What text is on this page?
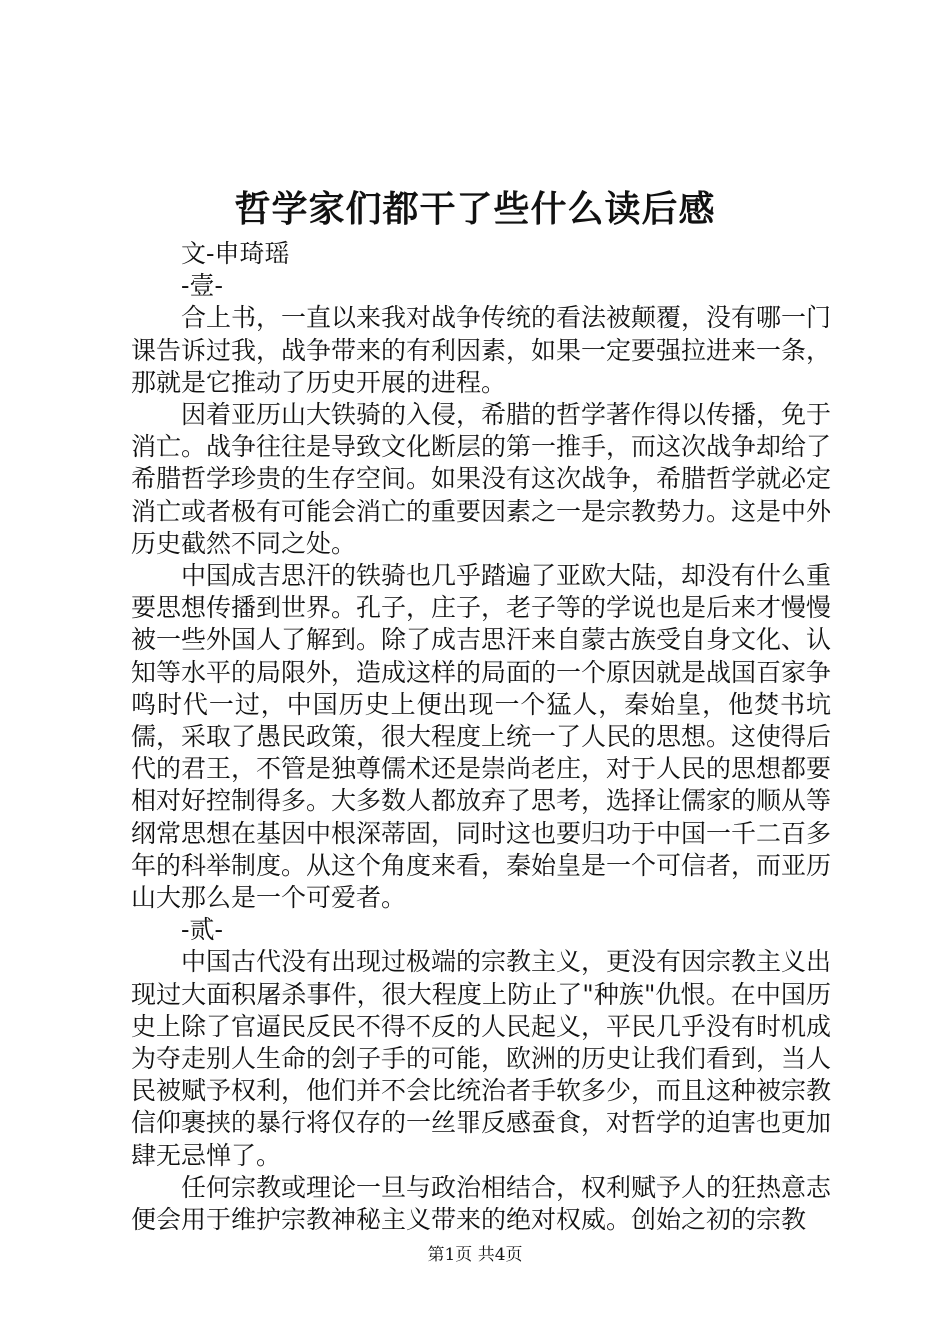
哲学家们都干了些什么读后感

文-申琦瑶

-壹-

合上书，一直以来我对战争传统的看法被颠覆，没有哪一门课告诉过我，战争带来的有利因素，如果一定要强拉进来一条，那就是它推动了历史开展的进程。

因着亚历山大铁骑的入侵，希腊的哲学著作得以传播，免于消亡。战争往往是导致文化断层的第一推手，而这次战争却给了希腊哲学珍贵的生存空间。如果没有这次战争，希腊哲学就必定消亡或者极有可能会消亡的重要因素之一是宗教势力。这是中外历史截然不同之处。

中国成吉思汗的铁骑也几乎踏遍了亚欧大陆，却没有什么重要思想传播到世界。孔子，庄子，老子等的学说也是后来才慢慢被一些外国人了解到。除了成吉思汗来自蒙古族受自身文化、认知等水平的局限外，造成这样的局面的一个原因就是战国百家争鸣时代一过，中国历史上便出现一个猛人，秦始皇，他焚书坑儒，采取了愚民政策，很大程度上统一了人民的思想。这使得后代的君王，不管是独尊儒术还是崇尚老庄，对于人民的思想都要相对好控制得多。大多数人都放弃了思考，选择让儒家的顺从等纲常思想在基因中根深蒂固，同时这也要归功于中国一千二百多年的科举制度。从这个角度来看，秦始皇是一个可信者，而亚历山大那么是一个可爱者。

-贰-

中国古代没有出现过极端的宗教主义，更没有因宗教主义出现过大面积屠杀事件，很大程度上防止了"种族"仇恨。在中国历史上除了官逼民反民不得不反的人民起义，平民几乎没有时机成为夺走别人生命的刽子手的可能，欧洲的历史让我们看到，当人民被赋予权利，他们并不会比统治者手软多少，而且这种被宗教信仰裹挟的暴行将仅存的一丝罪反感蚕食，对哲学的迫害也更加肆无忌惮了。

任何宗教或理论一旦与政治相结合，权利赋予人的狂热意志便会用于维护宗教神秘主义带来的绝对权威。创始之初的宗教

第1页 共4页
